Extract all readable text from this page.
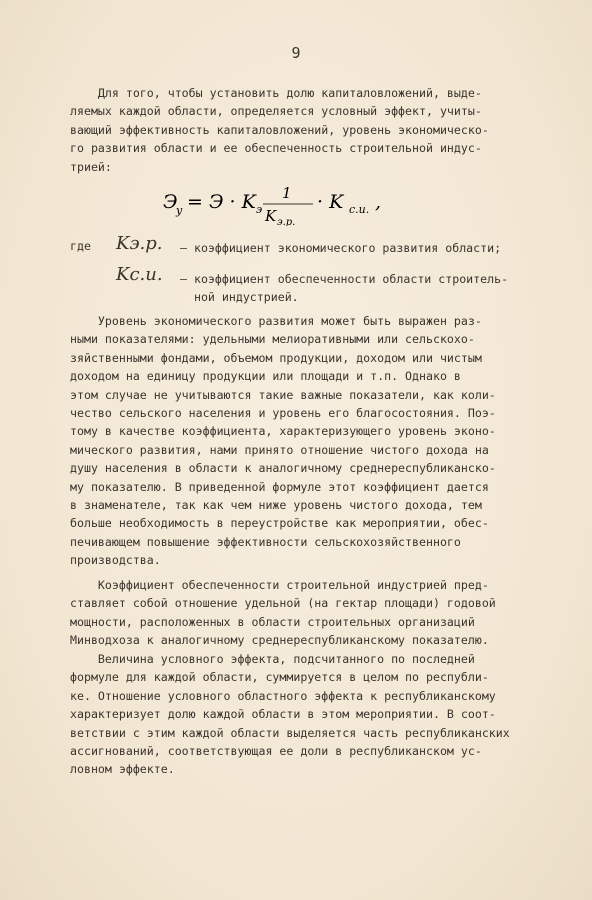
9
Для того, чтобы установить долю капиталовложений, выде-
ляемых каждой области, определяется условный эффект, учиты-
вающий эффективность капиталовложений, уровень экономическо-
го развития области и ее обеспеченность строительной индус-
трией:
Э
у = Э · K э
1
K э.р.
· K с.и. ,
где Kэ.р. – коэффициент экономического развития области;
Kс.и. – коэффициент обеспеченности области строитель-
ной индустрией.
Уровень экономического развития может быть выражен раз-
ными показателями: удельными мелиоративными или сельскохо-
зяйственными фондами, объемом продукции, доходом или чистым
доходом на единицу продукции или площади и т.п. Однако в
этом случае не учитываются такие важные показатели, как коли-
чество сельского населения и уровень его благосостояния. Поэ-
тому в качестве коэффициента, характеризующего уровень эконо-
мического развития, нами принято отношение чистого дохода на
душу населения в области к аналогичному среднереспубликанско-
му показателю. В приведенной формуле этот коэффициент дается
в знаменателе, так как чем ниже уровень чистого дохода, тем
больше необходимость в переустройстве как мероприятии, обес-
печивающем повышение эффективности сельскохозяйственного
производства.
Коэффициент обеспеченности строительной индустрией пред-
ставляет собой отношение удельной (на гектар площади) годовой
мощности, расположенных в области строительных организаций
Минводхоза к аналогичному среднереспубликанскому показателю.
Величина условного эффекта, подсчитанного по последней
формуле для каждой области, суммируется в целом по республи-
ке. Отношение условного областного эффекта к республиканскому
характеризует долю каждой области в этом мероприятии. В соот-
ветствии с этим каждой области выделяется часть республиканских
ассигнований, соответствующая ее доли в республиканском ус-
ловном эффекте.
